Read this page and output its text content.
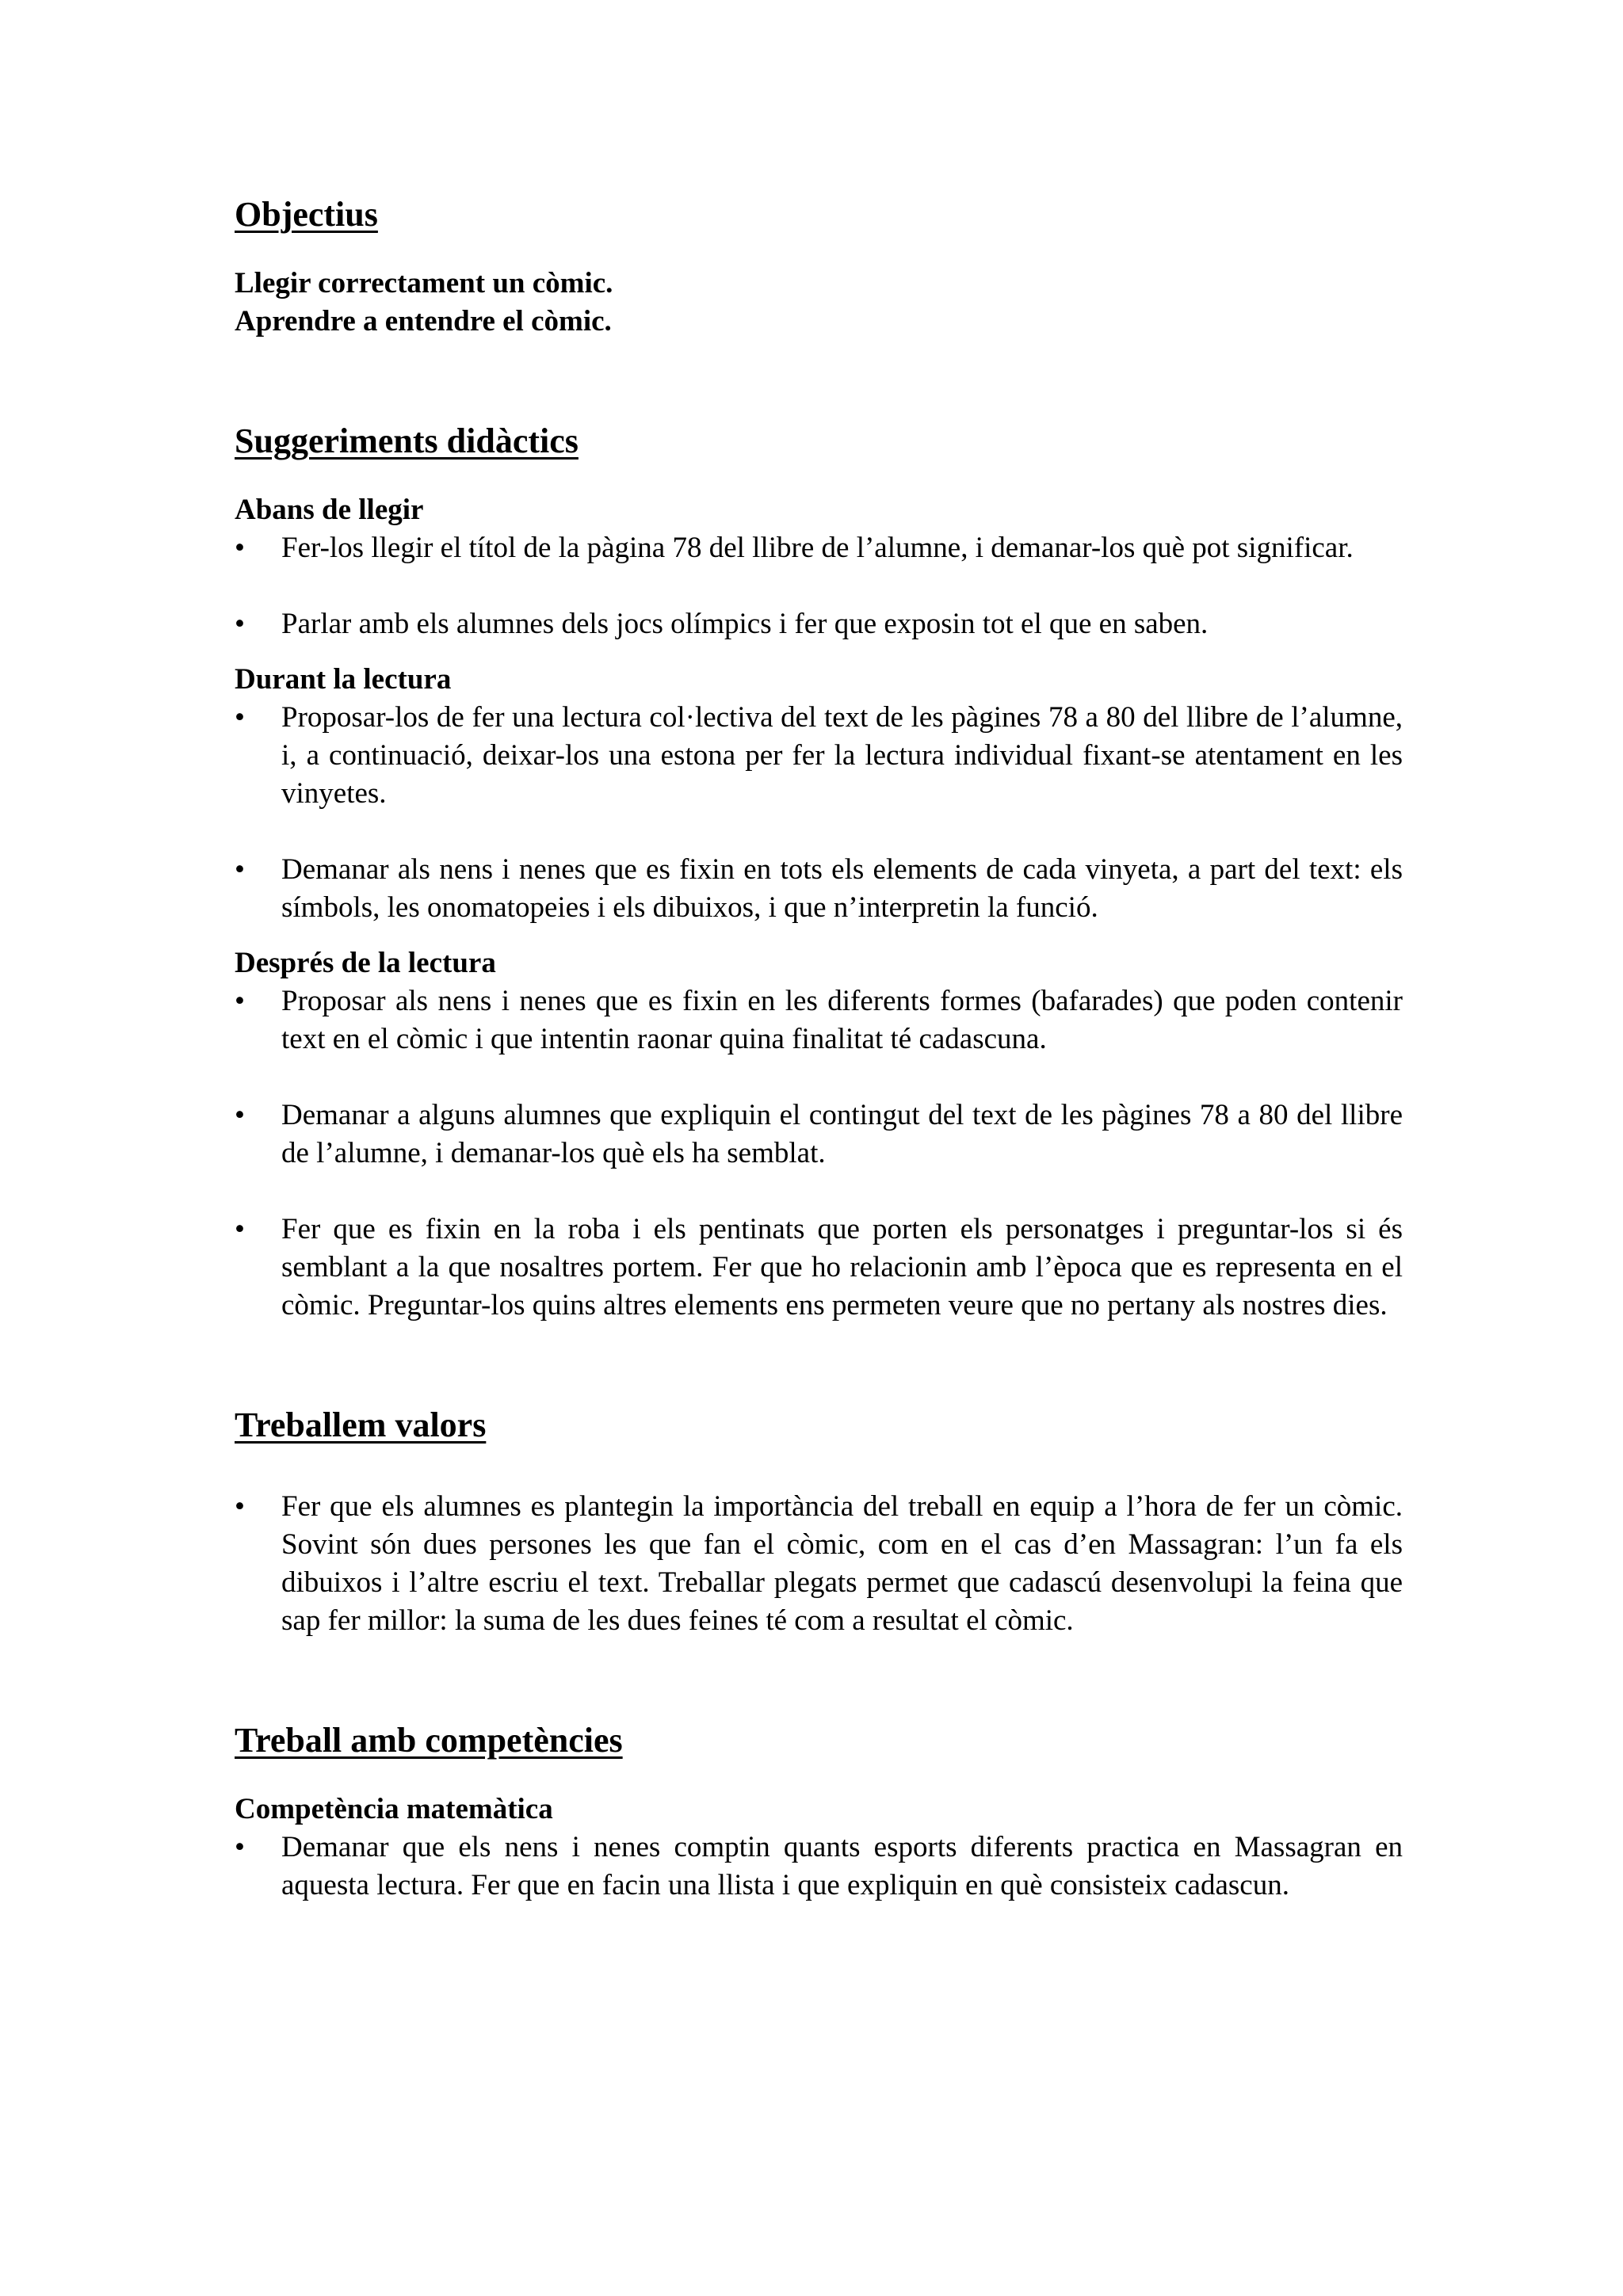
Objectius

Llegir correctament un còmic.

Aprendre a entendre el còmic.

Suggeriments didàctics

Abans de llegir

•	Fer-los llegir el títol de la pàgina 78 del llibre de l’alumne, i demanar-los què pot significar.
•	Parlar amb els alumnes dels jocs olímpics i fer que exposin tot el que en saben.

Durant la lectura

•	Proposar-los de fer una lectura col·lectiva del text de les pàgines 78 a 80 del llibre de l’alumne, i, a continuació, deixar-los una estona per fer la lectura individual fixant-se atentament en les vinyetes.
•	Demanar als nens i nenes que es fixin en tots els elements de cada vinyeta, a part del text: els símbols, les onomatopeies i els dibuixos, i que n’interpretin la funció.

Després de la lectura

•	Proposar als nens i nenes que es fixin en les diferents formes (bafarades) que poden contenir text en el còmic i que intentin raonar quina finalitat té cadascuna.
•	Demanar a alguns alumnes que expliquin el contingut del text de les pàgines 78 a 80 del llibre de l’alumne, i demanar-los què els ha semblat.
•	Fer que es fixin en la roba i els pentinats que porten els personatges i preguntar-los si és semblant a la que nosaltres portem. Fer que ho relacionin amb l’època que es representa en el còmic. Preguntar-los quins altres elements ens permeten veure que no pertany als nostres dies.
Treballem valors
•	Fer que els alumnes es plantegin la importància del treball en equip a l’hora de fer un còmic. Sovint són dues persones les que fan el còmic, com en el cas d’en Massagran: l’un fa els dibuixos i l’altre escriu el text. Treballar plegats permet que cadascú desenvolupi la feina que sap fer millor: la suma de les dues feines té com a resultat el còmic.
Treball amb competències

Competència matemàtica

•	Demanar que els nens i nenes comptin quants esports diferents practica en Massagran en aquesta lectura. Fer que en facin una llista i que expliquin en què consisteix cadascun.
